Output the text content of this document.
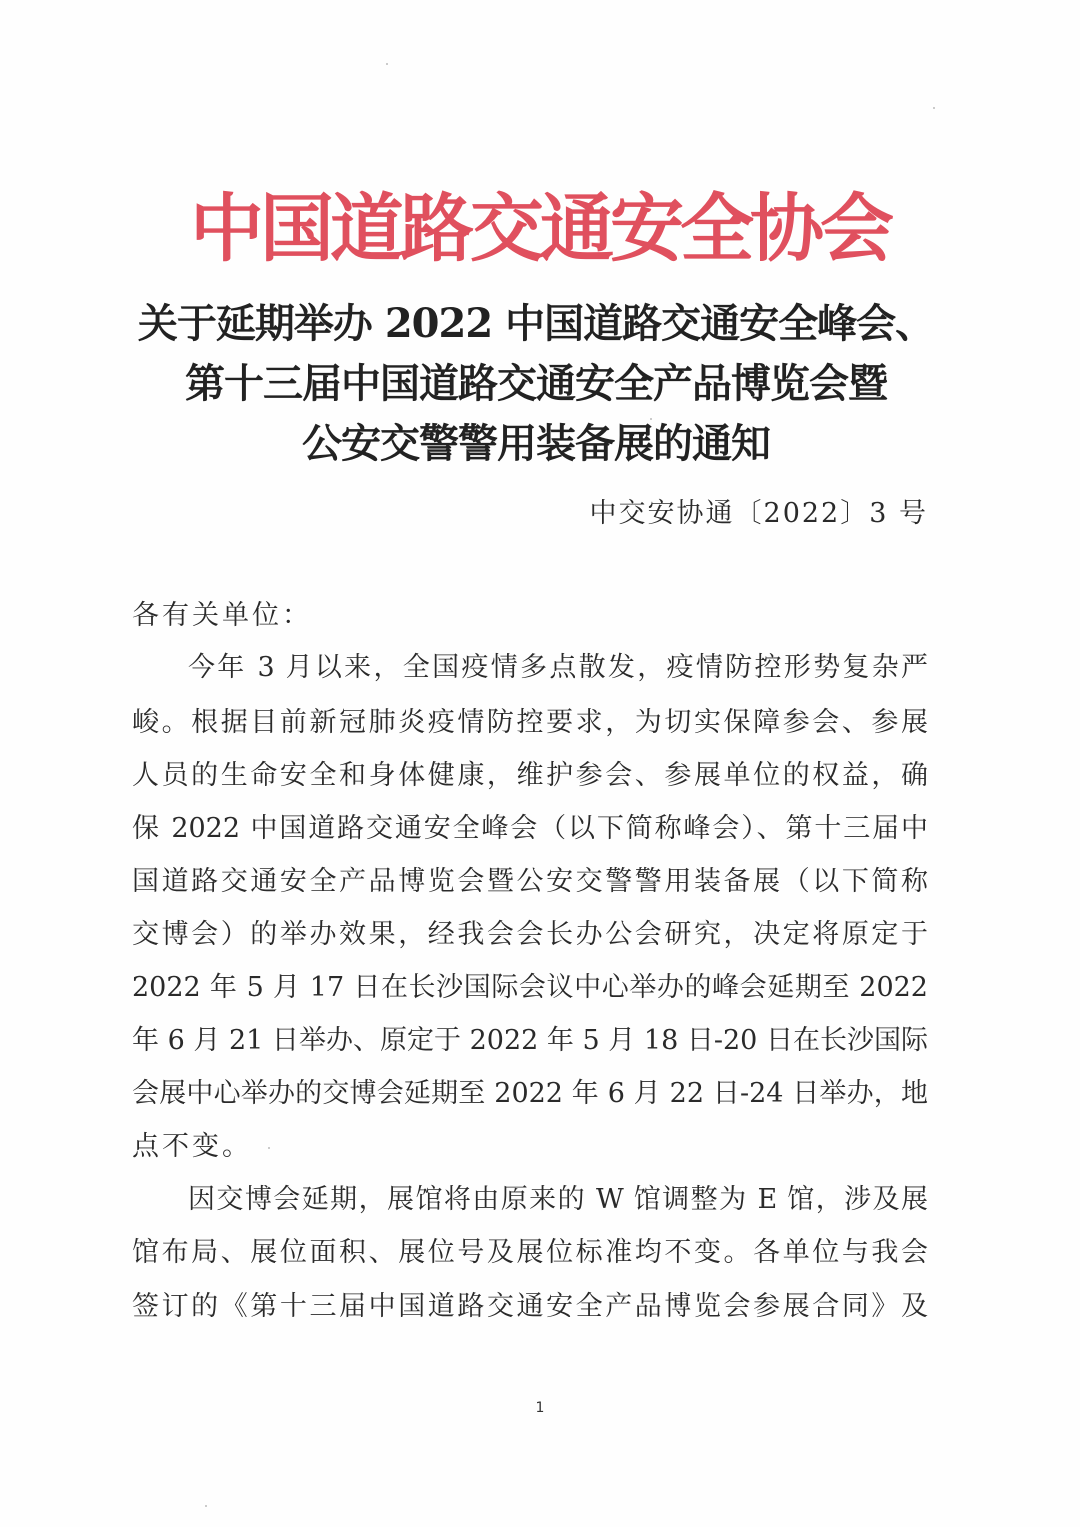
中国道路交通安全协会
关于延期举办 2022 中国道路交通安全峰会、
第十三届中国道路交通安全产品博览会暨
公安交警警用装备展的通知
中交安协通〔2022〕3 号
各有关单位：
今年 3 月以来，全国疫情多点散发，疫情防控形势复杂严
峻。根据目前新冠肺炎疫情防控要求，为切实保障参会、参展
人员的生命安全和身体健康，维护参会、参展单位的权益，确
保 2022 中国道路交通安全峰会（以下简称峰会）、第十三届中
国道路交通安全产品博览会暨公安交警警用装备展（以下简称
交博会）的举办效果，经我会会长办公会研究，决定将原定于
2022 年 5 月 17 日在长沙国际会议中心举办的峰会延期至 2022
年 6 月 21 日举办、原定于 2022 年 5 月 18 日-20 日在长沙国际
会展中心举办的交博会延期至 2022 年 6 月 22 日-24 日举办，地
点不变。
因交博会延期，展馆将由原来的 W 馆调整为 E 馆，涉及展
馆布局、展位面积、展位号及展位标准均不变。各单位与我会
签订的《第十三届中国道路交通安全产品博览会参展合同》及
1
